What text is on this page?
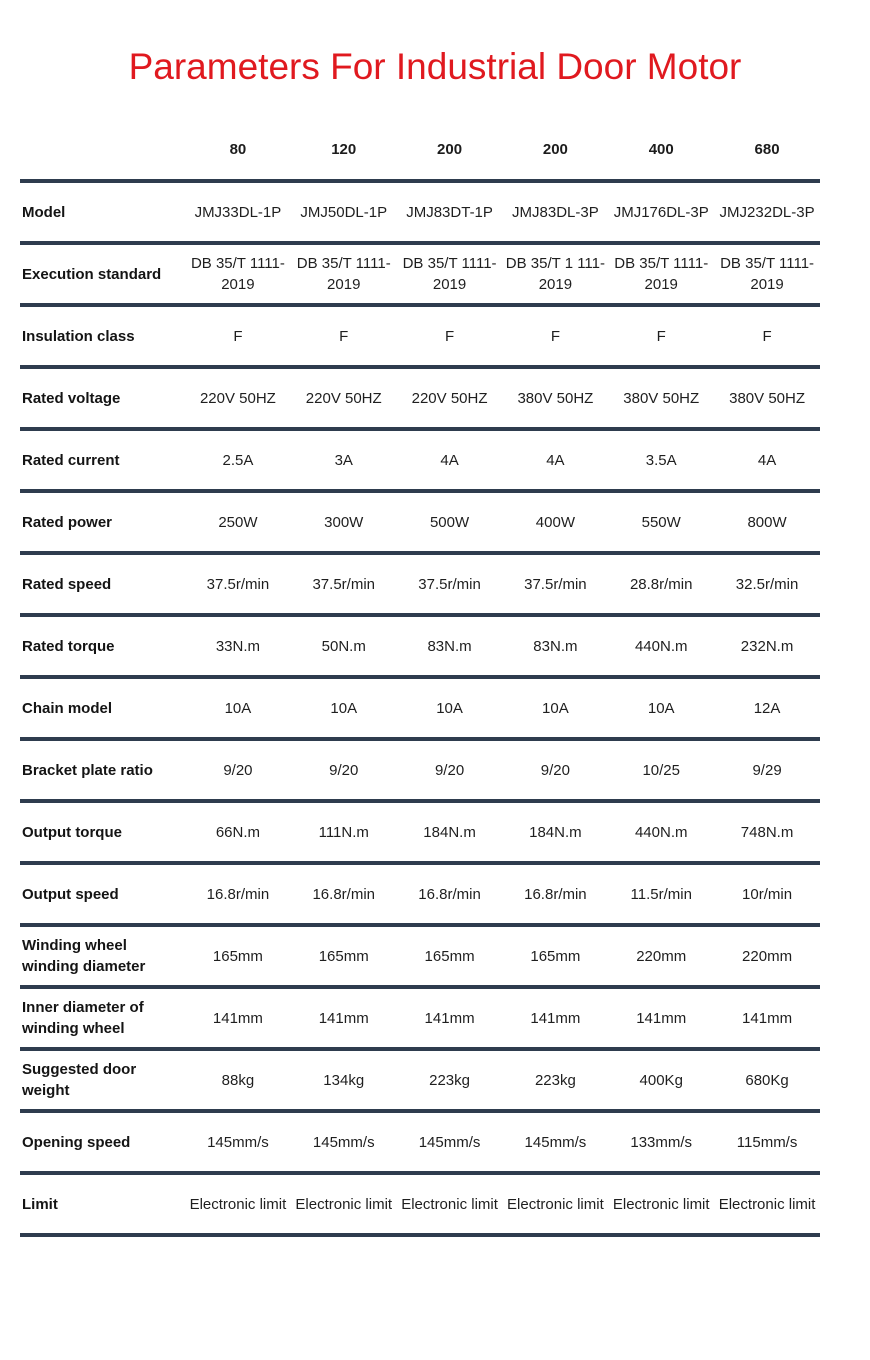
Parameters For Industrial Door Motor
	80	120	200	200	400	680
Model	JMJ33DL-1P	JMJ50DL-1P	JMJ83DT-1P	JMJ83DL-3P	JMJ176DL-3P	JMJ232DL-3P
Execution standard	DB 35/T 1111-2019	DB 35/T 1111-2019	DB 35/T 1111-2019	DB 35/T 1 111-2019	DB 35/T 1111-2019	DB 35/T 1111-2019
Insulation class	F	F	F	F	F	F
Rated voltage	220V 50HZ	220V 50HZ	220V 50HZ	380V 50HZ	380V 50HZ	380V 50HZ
Rated current	2.5A	3A	4A	4A	3.5A	4A
Rated power	250W	300W	500W	400W	550W	800W
Rated speed	37.5r/min	37.5r/min	37.5r/min	37.5r/min	28.8r/min	32.5r/min
Rated torque	33N.m	50N.m	83N.m	83N.m	440N.m	232N.m
Chain model	10A	10A	10A	10A	10A	12A
Bracket plate ratio	9/20	9/20	9/20	9/20	10/25	9/29
Output torque	66N.m	111N.m	184N.m	184N.m	440N.m	748N.m
Output speed	16.8r/min	16.8r/min	16.8r/min	16.8r/min	11.5r/min	10r/min
Winding wheel winding diameter	165mm	165mm	165mm	165mm	220mm	220mm
Inner diameter of winding wheel	141mm	141mm	141mm	141mm	141mm	141mm
Suggested door weight	88kg	134kg	223kg	223kg	400Kg	680Kg
Opening speed	145mm/s	145mm/s	145mm/s	145mm/s	133mm/s	115mm/s
Limit	Electronic limit	Electronic limit	Electronic limit	Electronic limit	Electronic limit	Electronic limit
